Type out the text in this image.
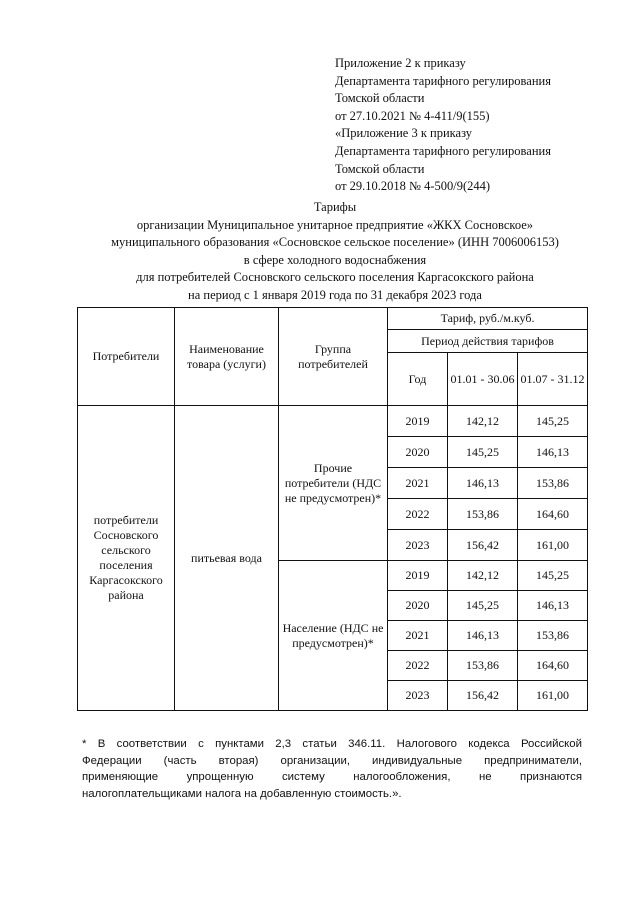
Приложение 2 к приказу
Департамента тарифного регулирования
Томской области
от 27.10.2021 № 4-411/9(155)
«Приложение 3 к приказу
Департамента тарифного регулирования
Томской области
от 29.10.2018 № 4-500/9(244)
Тарифы
организации Муниципальное унитарное предприятие «ЖКХ Сосновское»
муниципального образования «Сосновское сельское поселение» (ИНН 7006006153)
в сфере холодного водоснабжения
для потребителей Сосновского сельского поселения Каргасокского района
на период с 1 января 2019 года по 31 декабря 2023 года
Потребители	Наименование товара (услуги)	Группа потребителей	Тариф, руб./м.куб.		
			Период действия тарифов		
			Год	01.01 - 30.06	01.07 - 31.12
потребители Сосновского сельского поселения Каргасокского района	питьевая вода	Прочие потребители (НДС не предусмотрен)*	2019	142,12	145,25
			2020	145,25	146,13
			2021	146,13	153,86
			2022	153,86	164,60
			2023	156,42	161,00
		Население (НДС не предусмотрен)*	2019	142,12	145,25
			2020	145,25	146,13
			2021	146,13	153,86
			2022	153,86	164,60
			2023	156,42	161,00
* В соответствии с пунктами 2,3 статьи 346.11. Налогового кодекса Российской
Федерации (часть вторая) организации, индивидуальные предприниматели,
применяющие упрощенную систему налогообложения, не признаются
налогоплательщиками налога на добавленную стоимость.».
